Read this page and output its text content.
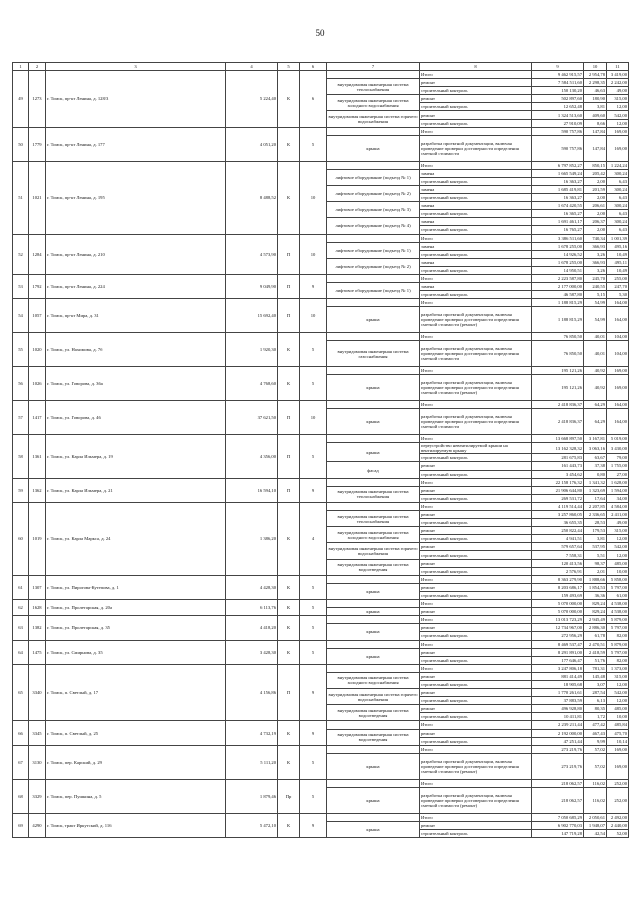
50
1	2	3	4	5	6	7	8	9	10	11
49	1273	г. Томск, пр-кт Ленина, д. 128/3	5 224,40	К	6		Итого	9 462 915,57	2 954,78	3 419,00
						внутридомовая инженерная система теплоснабжения	ремонт	7 584 511,60	2 298,35	2 242,00
							строительный контроль	150 130,20	46,63	49,00
						внутридомовая инженерная система холодного водоснабжения	ремонт	502 897,60	180,90	315,00
							строительный контроль	12 652,48	3,81	12,00
						внутридомовая инженерная система горячего водоснабжения	ремонт	1 324 513,60	409,60	542,00
							строительный контроль	27 910,09	8,66	12,00
50	1779	г. Томск, пр-кт Ленина, д. 177	4 051,20	К	5		Итого	590 757,86	147,84	169,00
						крыша	разработка проектной документации, включая проведение проверки достоверности определения сметной стоимости	590 757,86	147,84	169,00
51	1021	г. Томск, пр-кт Ленина, д. 195	8 488,52	К	10		Итого	6 797 852,27	850,15	1 224,24
						лифтовое оборудование (подъезд № 1)	замена	1 665 549,24	205,42	300,24
							строительный контроль	16 363,27	2,00	6,43
						лифтовое оборудование (подъезд № 2)	замена	1 685 419,81	201,59	300,24
							строительный контроль	16 363,27	2,00	6,43
						лифтовое оборудование (подъезд № 3)	замена	1 674 420,55	206,61	300,24
							строительный контроль	16 365,27	2,00	6,43
						лифтовое оборудование (подъезд № 4)	замена	1 691 461,17	206,37	300,24
							строительный контроль	16 765,27	2,00	6,43
52	1284	г. Томск, пр-кт Ленина, д. 210	4 573,90	П	10		Итого	3 386 511,60	740,34	1 001,39
						лифтовое оборудование (подъезд № 1)	замена	1 678 255,00	366,93	495,16
							строительный контроль	14 926,52	3,26	10,49
						лифтовое оборудование (подъезд № 2)	замена	1 678 255,00	366,93	495,11
							строительный контроль	14 950,51	3,26	10,49
53	1792	г. Томск, пр-кт Ленина, д. 224	9 049,90	П	9		Итого	2 223 587,80	245,70	255,00
						лифтовое оборудование (подъезд № 1)	замена	2 177 000,00	240,55	247,70
							строительный контроль	46 587,80	5,15	5,30
54	1057	г. Томск, пр-кт Мира, д. 31	15 692,40	П	10		Итого	1 188 815,29	54,99	164,00
						крыша	разработка проектной документации, включая проведение проверки достоверности определения сметной стоимости (ремонт)	1 188 815,29	54,99	164,00
55	1020	г. Томск, ул. Нахимова, д. 7б	1 920,30	К	5		Итого	76 850,50	40,01	104,00
						внутридомовая инженерная система газоснабжения	разработка проектной документации, включая проведение проверки достоверности определения сметной стоимости	76 850,50	40,01	104,00
56	1026	г. Томск, ул. Говорова, д. 36а	4 768,60	К	5		Итого	195 121,26	40,92	169,00
						крыша	разработка проектной документации, включая проведение проверки достоверности определения сметной стоимости (ремонт)	195 121,26	40,92	169,00
57	1417	г. Томск, ул. Говорова, д. 46	37 621,50	П	10		Итого	2 418 836,37	64,29	164,00
						крыша	разработка проектной документации, включая проведение проверки достоверности определения сметной стоимости	2 418 836,37	64,29	164,00
58	1361	г. Томск, ул. Карла Ильмера, д. 19	4 356,00	П	5		Итого	13 668 897,50	3 167,81	5 019,00
						крыша	переустройство невентилируемой крыши на вентилируемую крышу	13 162 328,32	3 063,16	3 430,00
							строительный контроль	281 675,83	63,67	79,00
						фасад	ремонт	161 443,73	37,38	1 755,00
							строительный контроль	3 454,62	0,80	27,00
59	1362	г. Томск, ул. Карла Ильмера, д. 21	16 594,10	П	9		Итого	22 158 176,32	1 341,32	1 628,00
						внутридомовая инженерная система теплоснабжения	ремонт	21 906 644,80	1 323,69	1 594,00
							строительный контроль	269 531,72	17,64	34,00
60	1019	г. Томск, ул. Карла Маркса, д. 24	1 386,20	К	4		Итого	4 119 514,44	2 207,85	4 584,00
						внутридомовая инженерная система теплоснабжения	ремонт	3 257 860,05	2 336,65	2 411,00
							строительный контроль	36 655,35	28,53	49,00
						внутридомовая инженерная система холодного водоснабжения	ремонт	250 822,44	179,53	315,00
							строительный контроль	4 941,51	3,81	12,00
						внутридомовая инженерная система горячего водоснабжения	ремонт	579 657,64	537,95	542,00
							строительный контроль	7 558,31	5,51	12,00
						внутридомовая инженерная система водоотведения	ремонт	120 413,56	98,37	485,00
							строительный контроль	2 576,91	2,01	10,00
61	1307	г. Томск, ул. Пирогова-Кутепова, д. 1	4 428,30	К	5		Итого	8 363 279,90	1 888,66	5 858,00
						крыша	ремонт	8 203 686,17	1 854,53	5 797,00
							строительный контроль	159 493,69	36,36	61,00
62	1628	г. Томск, ул. Пролетарская, д. 20а	6 113,76	К	5		Итого	5 070 000,00	829,24	4 538,00
						крыша	ремонт	5 070 000,00	829,24	4 538,00
63	1382	г. Томск, ул. Пролетарская, д. 35	4 418,20	К	5		Итого	13 013 723,29	2 945,49	5 879,00
						крыша	ремонт	12 734 967,00	2 886,30	5 797,00
							строительный контроль	272 956,29	61,78	82,00
64	1475	г. Томск, ул. Смирнова, д. 35	3 428,30	К	5		Итого	8 469 537,47	2 470,51	5 879,00
						крыша	ремонт	8 291 891,00	2 418,59	5 797,00
							строительный контроль	177 646,47	51,76	82,00
65	3340	г. Томск, п. Светлый, д. 17	4 156,86	П	9		Итого	3 247 806,18	781,31	1 373,00
						внутридомовая инженерная система холодного водоснабжения	ремонт	881 414,49	145,48	315,00
							строительный контроль	18 905,68	3,07	12,00
						внутридомовая инженерная система горячего водоснабжения	ремонт	1 770 261,61	287,54	542,00
							строительный контроль	37 883,59	6,13	12,00
						внутридомовая инженерная система водоотведения	ремонт	496 928,80	80,35	485,00
							строительный контроль	10 411,81	1,72	10,00
66	3345	г. Томск, п. Светлый, д. 25	4 732,19	К	9		Итого	2 239 211,44	477,42	485,84
						внутридомовая инженерная система водоотведения	ремонт	2 192 000,00	467,43	475,70
							строительный контроль	47 251,44	9,99	10,14
67	3130	г. Томск, пер. Карский, д. 29	5 111,20	К	5		Итого	273 219,76	57,02	169,00
						крыша	разработка проектной документации, включая проведение проверки достоверности определения сметной стоимости (ремонт)	273 219,76	57,02	169,00
68	3329	г. Томск, пер. Пушкина, д. 5	1 879,46	Пр	5		Итого	218 062,57	116,02	252,00
						крыша	разработка проектной документации, включая проведение проверки достоверности определения сметной стоимости (ремонт)	218 062,57	116,02	252,00
69	4290	г. Томск, тракт Иркутский, д. 116	5 472,10	К	9		Итого	7 050 685,29	2 050,61	2 492,00
						крыша	ремонт	6 902 770,03	1 948,07	2 440,00
							строительный контроль	147 719,28	42,54	52,00
